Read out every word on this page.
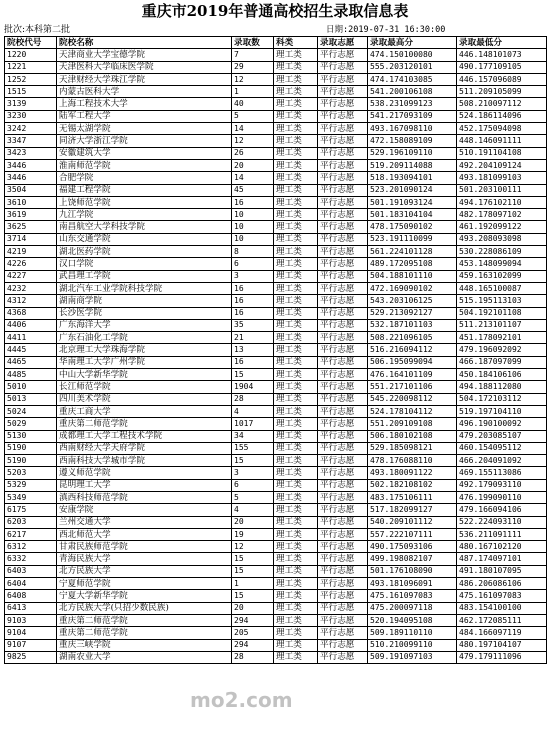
重庆市2019年普通高校招生录取信息表
批次:本科第二批	日期:2019-07-31 16:30:00
院校代号	院校名称	录取数	科类	录取志愿	录取最高分	录取最低分
1220	天津商业大学宝德学院	7	理工类	平行志愿	474.150100080	446.148101073
1221	天津医科大学临床医学院	29	理工类	平行志愿	555.203120101	490.177109105
1252	天津财经大学珠江学院	12	理工类	平行志愿	474.174103085	446.157096089
1515	内蒙古医科大学	1	理工类	平行志愿	541.200106108	511.209105099
3139	上海工程技术大学	40	理工类	平行志愿	538.231099123	508.210097112
3230	陆军工程大学	5	理工类	平行志愿	541.217093109	524.186114096
3242	无锡太湖学院	14	理工类	平行志愿	493.167098110	452.175094098
3347	同济大学浙江学院	12	理工类	平行志愿	472.158089109	448.146091111
3423	安徽建筑大学	26	理工类	平行志愿	529.196109110	510.191104108
3446	淮南师范学院	20	理工类	平行志愿	519.209114088	492.204109124
3446	合肥学院	14	理工类	平行志愿	518.193094101	493.181099103
3504	福建工程学院	45	理工类	平行志愿	523.201090124	501.203100111
3610	上饶师范学院	16	理工类	平行志愿	501.191093124	494.176102110
3619	九江学院	10	理工类	平行志愿	501.183104104	482.178097102
3625	南昌航空大学科技学院	10	理工类	平行志愿	478.175090102	461.192099122
3714	山东交通学院	10	理工类	平行志愿	523.191110099	493.208093098
4219	湖北医药学院	8	理工类	平行志愿	561.224101128	530.228086109
4226	汉口学院	6	理工类	平行志愿	489.172095108	453.148099094
4227	武昌理工学院	3	理工类	平行志愿	504.188101110	459.163102099
4232	湖北汽车工业学院科技学院	16	理工类	平行志愿	472.169090102	448.165100087
4312	湖南商学院	16	理工类	平行志愿	543.203106125	515.195113103
4368	长沙医学院	16	理工类	平行志愿	529.213092127	504.192101108
4406	广东海洋大学	35	理工类	平行志愿	532.187101103	511.213101107
4411	广东石油化工学院	21	理工类	平行志愿	508.221096105	451.178092101
4445	北京理工大学珠海学院	13	理工类	平行志愿	516.216094112	479.196092092
4465	华南理工大学广州学院	16	理工类	平行志愿	506.195099094	466.187097099
4485	中山大学新华学院	15	理工类	平行志愿	476.164101109	450.184106106
5010	长江师范学院	1904	理工类	平行志愿	551.217101106	494.188112080
5013	四川美术学院	28	理工类	平行志愿	545.220098112	504.172103112
5024	重庆工商大学	4	理工类	平行志愿	524.178104112	519.197104110
5029	重庆第二师范学院	1017	理工类	平行志愿	551.209109108	496.190100092
5130	成都理工大学工程技术学院	34	理工类	平行志愿	506.180102108	479.203085107
5190	西南财经大学天府学院	155	理工类	平行志愿	529.185098121	460.154095112
5190	西南科技大学城市学院	15	理工类	平行志愿	478.176088110	466.204091092
5203	遵义师范学院	3	理工类	平行志愿	493.180091122	469.155113086
5329	昆明理工大学	6	理工类	平行志愿	502.182108102	492.179093110
5349	滇西科技师范学院	5	理工类	平行志愿	483.175106111	476.199090110
6175	安康学院	4	理工类	平行志愿	517.182099127	479.166094106
6203	兰州交通大学	20	理工类	平行志愿	540.209101112	522.224093110
6217	西北师范大学	19	理工类	平行志愿	557.222107111	536.211091111
6312	甘肃民族师范学院	12	理工类	平行志愿	490.175093106	480.167102120
6332	青海民族大学	15	理工类	平行志愿	499.198082107	487.174097101
6403	北方民族大学	15	理工类	平行志愿	501.176108090	491.180107095
6404	宁夏师范学院	1	理工类	平行志愿	493.181096091	486.206086106
6408	宁夏大学新华学院	15	理工类	平行志愿	475.161097083	475.161097083
6413	北方民族大学(只招少数民族)	20	理工类	平行志愿	475.200097118	483.154100100
9103	重庆第二师范学院	294	理工类	平行志愿	520.194095108	462.172085111
9104	重庆第二师范学院	205	理工类	平行志愿	509.189110110	484.166097119
9107	重庆三峡学院	294	理工类	平行志愿	510.210099110	480.197104107
9825	湖南农业大学	28	理工类	平行志愿	509.191097103	479.179111096
mo2.com
